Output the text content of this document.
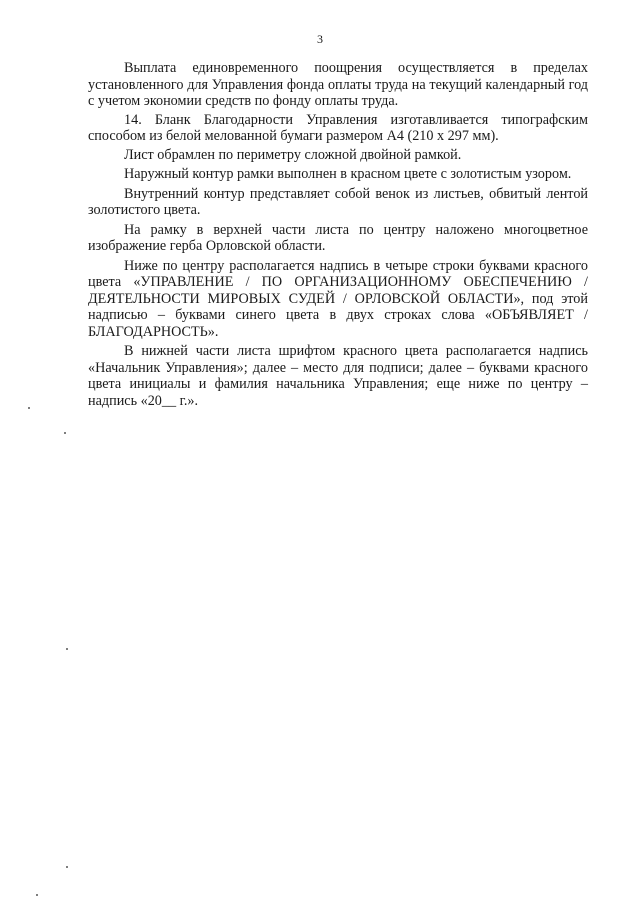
3

Выплата единовременного поощрения осуществляется в пределах установленного для Управления фонда оплаты труда на текущий календарный год с учетом экономии средств по фонду оплаты труда.

14. Бланк Благодарности Управления изготавливается типографским способом из белой мелованной бумаги размером А4 (210 x 297 мм).

Лист обрамлен по периметру сложной двойной рамкой.

Наружный контур рамки выполнен в красном цвете с золотистым узором.

Внутренний контур представляет собой венок из листьев, обвитый лентой золотистого цвета.

На рамку в верхней части листа по центру наложено многоцветное изображение герба Орловской области.

Ниже по центру располагается надпись в четыре строки буквами красного цвета «УПРАВЛЕНИЕ / ПО ОРГАНИЗАЦИОННОМУ ОБЕСПЕЧЕНИЮ / ДЕЯТЕЛЬНОСТИ МИРОВЫХ СУДЕЙ / ОРЛОВСКОЙ ОБЛАСТИ», под этой надписью – буквами синего цвета в двух строках слова «ОБЪЯВЛЯЕТ / БЛАГОДАРНОСТЬ».

В нижней части листа шрифтом красного цвета располагается надпись «Начальник Управления»; далее – место для подписи; далее – буквами красного цвета инициалы и фамилия начальника Управления; еще ниже по центру – надпись «20__ г.».
